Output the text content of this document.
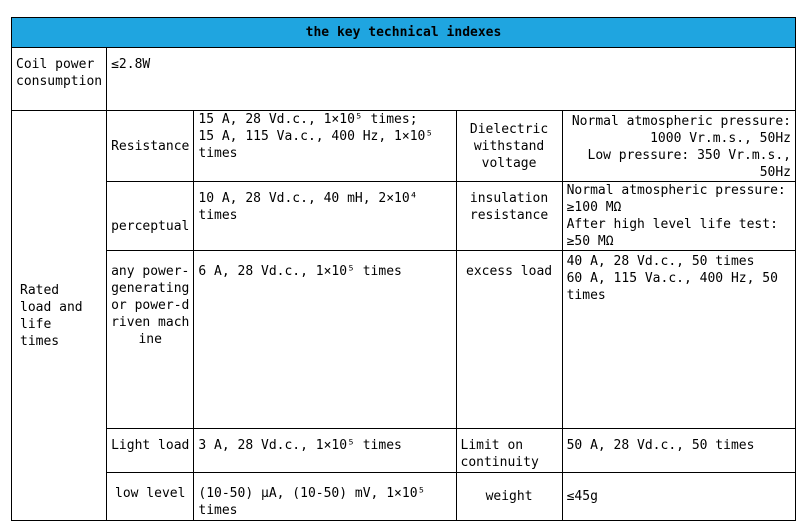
the key technical indexes				
Coil power consumption	≤2.8W			
Rated load and life times	Resistance	15 A, 28 Vd.c., 1×10⁵ times;
15 A, 115 Va.c., 400 Hz, 1×10⁵ times	Dielectric withstand voltage	Normal atmospheric pressure: 1000 Vr.m.s., 50Hz
Low pressure: 350 Vr.m.s., 50Hz

	perceptual	10 A, 28 Vd.c., 40 mH, 2×10⁴ times	insulation resistance	Normal atmospheric pressure: ≥100 MΩ
After high level life test: ≥50 MΩ

	any power-generating or power-driven machine	6 A, 28 Vd.c., 1×10⁵ times	excess load	40 A, 28 Vd.c., 50 times
60 A, 115 Va.c., 400 Hz, 50 times

	Light load	3 A, 28 Vd.c., 1×10⁵ times	Limit on continuity	50 A, 28 Vd.c., 50 times
	low level	(10-50) μA, (10-50) mV, 1×10⁵ times	weight	≤45g
